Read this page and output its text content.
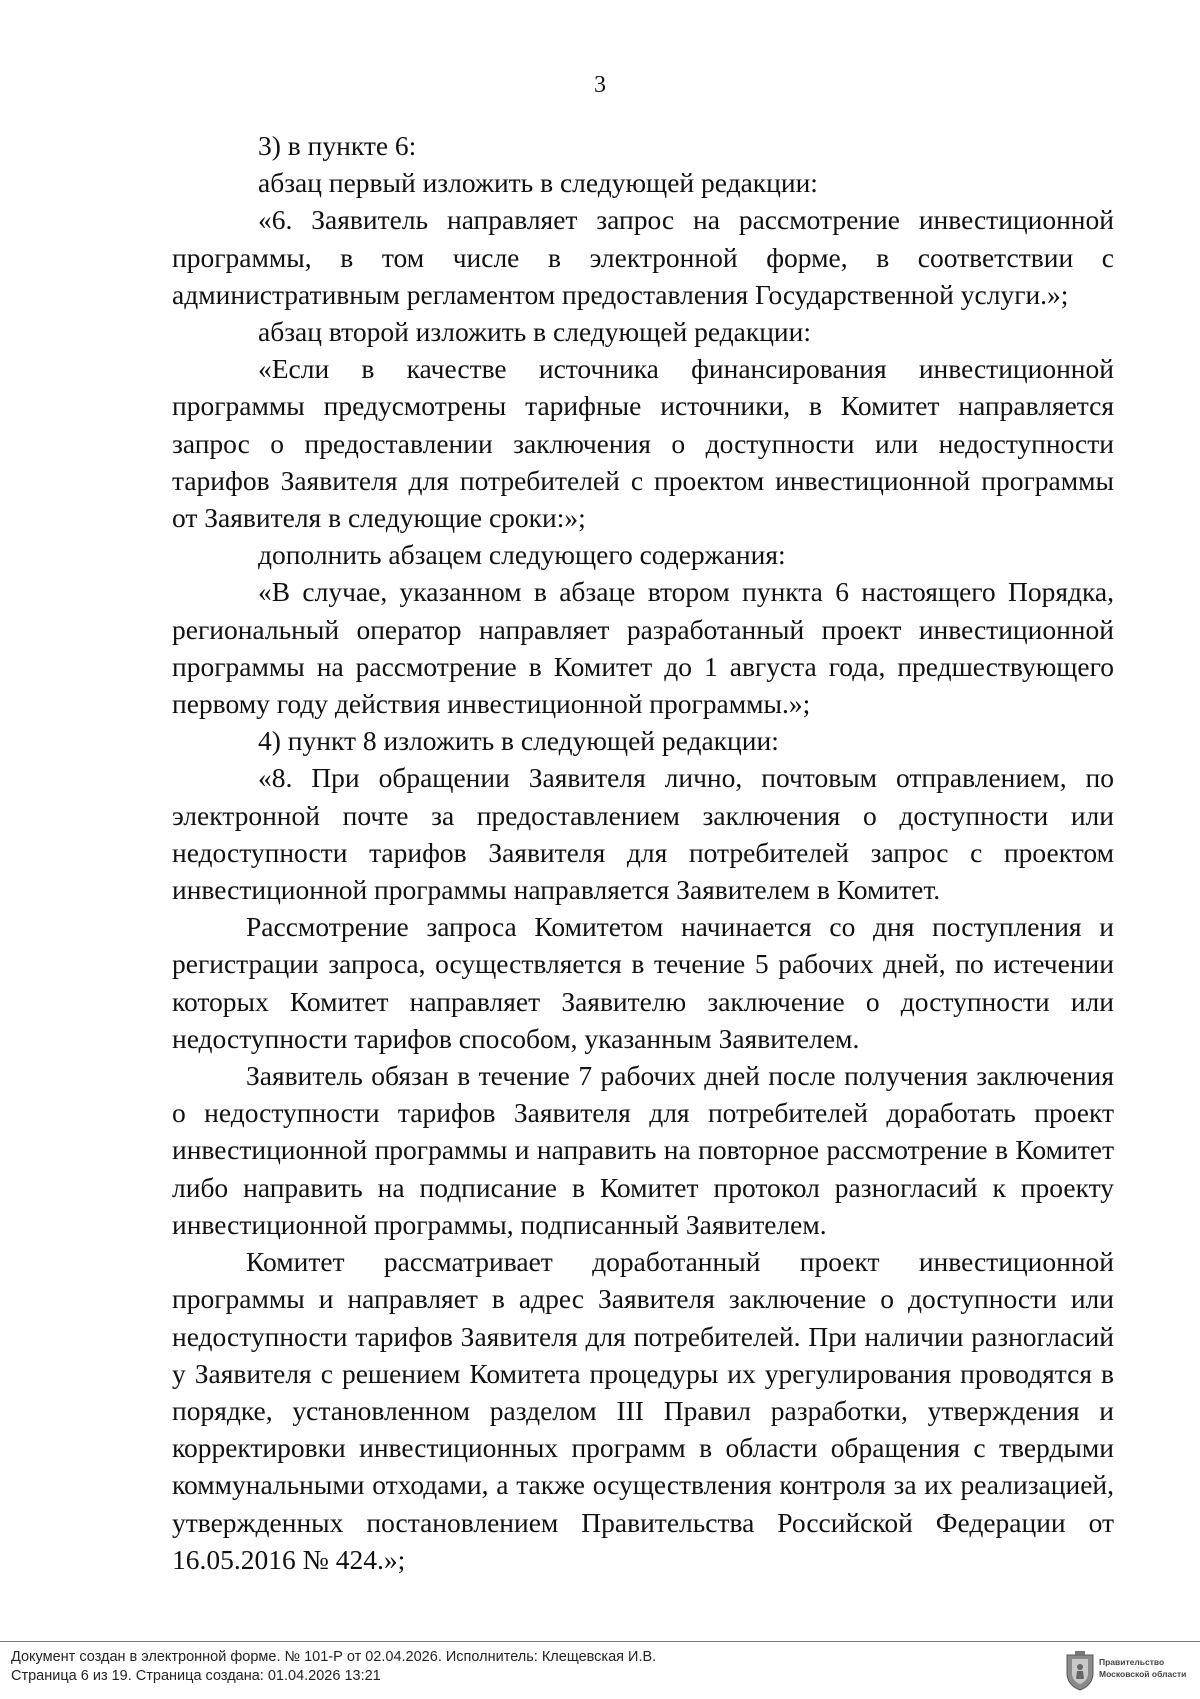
3

3) в пункте 6:

абзац первый изложить в следующей редакции:

«6. Заявитель направляет запрос на рассмотрение инвестиционной программы, в том числе в электронной форме, в соответствии с административным регламентом предоставления Государственной услуги.»;

абзац второй изложить в следующей редакции:

«Если в качестве источника финансирования инвестиционной программы предусмотрены тарифные источники, в Комитет направляется запрос о предоставлении заключения о доступности или недоступности тарифов Заявителя для потребителей с проектом инвестиционной программы от Заявителя в следующие сроки:»;

дополнить абзацем следующего содержания:

«В случае, указанном в абзаце втором пункта 6 настоящего Порядка, региональный оператор направляет разработанный проект инвестиционной программы на рассмотрение в Комитет до 1 августа года, предшествующего первому году действия инвестиционной программы.»;

4) пункт 8 изложить в следующей редакции:

«8. При обращении Заявителя лично, почтовым отправлением, по электронной почте за предоставлением заключения о доступности или недоступности тарифов Заявителя для потребителей запрос с проектом инвестиционной программы направляется Заявителем в Комитет.

Рассмотрение запроса Комитетом начинается со дня поступления и регистрации запроса, осуществляется в течение 5 рабочих дней, по истечении которых Комитет направляет Заявителю заключение о доступности или недоступности тарифов способом, указанным Заявителем.

Заявитель обязан в течение 7 рабочих дней после получения заключения о недоступности тарифов Заявителя для потребителей доработать проект инвестиционной программы и направить на повторное рассмотрение в Комитет либо направить на подписание в Комитет протокол разногласий к проекту инвестиционной программы, подписанный Заявителем.

Комитет рассматривает доработанный проект инвестиционной программы и направляет в адрес Заявителя заключение о доступности или недоступности тарифов Заявителя для потребителей. При наличии разногласий у Заявителя с решением Комитета процедуры их урегулирования проводятся в порядке, установленном разделом III Правил разработки, утверждения и корректировки инвестиционных программ в области обращения с твердыми коммунальными отходами, а также осуществления контроля за их реализацией, утвержденных постановлением Правительства Российской Федерации от 16.05.2016 № 424.»;

Документ создан в электронной форме. № 101-Р от 02.04.2026. Исполнитель: Клещевская И.В.
Страница 6 из 19. Страница создана: 01.04.2026 13:21
Правительство
Московской области
